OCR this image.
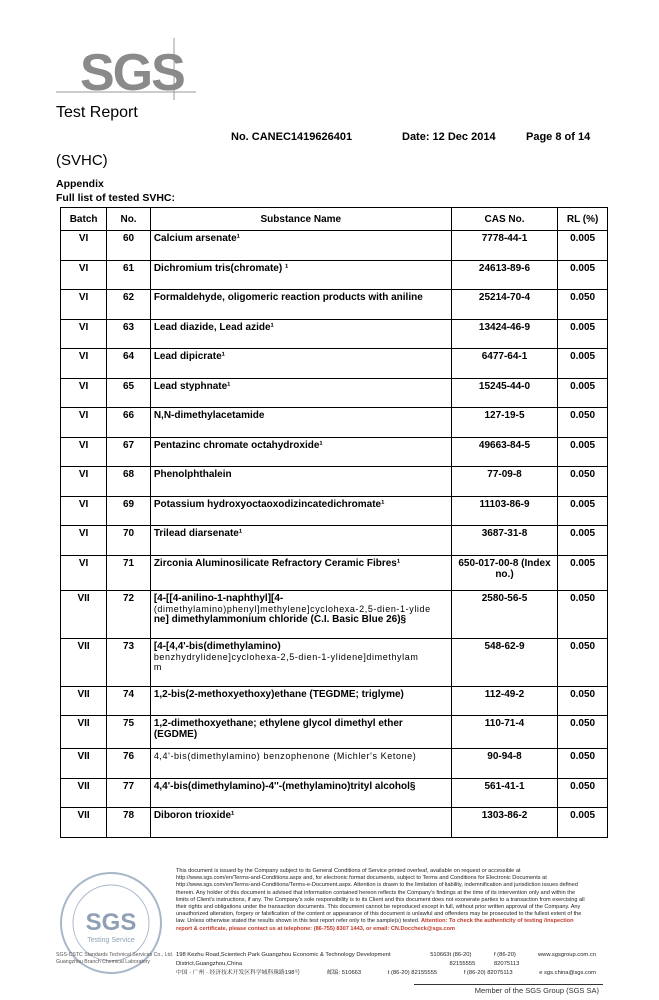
SGS
Test Report
No. CANEC1419626401	Date: 12 Dec 2014	Page 8 of 14
(SVHC)
Appendix
Full list of tested SVHC:
Batch	No.	Substance Name	CAS No.	RL (%)
VI	60	Calcium arsenate¹	7778-44-1	0.005
VI	61	Dichromium tris(chromate) ¹	24613-89-6	0.005
VI	62	Formaldehyde, oligomeric reaction products with aniline	25214-70-4	0.050
VI	63	Lead diazide, Lead azide¹	13424-46-9	0.005
VI	64	Lead dipicrate¹	6477-64-1	0.005
VI	65	Lead styphnate¹	15245-44-0	0.005
VI	66	N,N-dimethylacetamide	127-19-5	0.050
VI	67	Pentazinc chromate octahydroxide¹	49663-84-5	0.005
VI	68	Phenolphthalein	77-09-8	0.050
VI	69	Potassium hydroxyoctaoxodizincatedichromate¹	11103-86-9	0.005
VI	70	Trilead diarsenate¹	3687-31-8	0.005
VI	71	Zirconia Aluminosilicate Refractory Ceramic Fibres¹	650-017-00-8 (Index no.)	0.005
VII	72	[4-[[4-anilino-1-naphthyl][4-
(dimethylamino)phenyl]methylene]cyclohexa-2,5-dien-1-ylide
ne] dimethylammonium chloride (C.I. Basic Blue 26)§	2580-56-5	0.050
VII	73	[4-[4,4'-bis(dimethylamino)
benzhydrylidene]cyclohexa-2,5-dien-1-ylidene]dimethylam
m	548-62-9	0.050
VII	74	1,2-bis(2-methoxyethoxy)ethane (TEGDME; triglyme)	112-49-2	0.050
VII	75	1,2-dimethoxyethane; ethylene glycol dimethyl ether
(EGDME)	110-71-4	0.050
VII	76	4,4'-bis(dimethylamino) benzophenone (Michler's Ketone)	90-94-8	0.050
VII	77	4,4'-bis(dimethylamino)-4''-(methylamino)trityl alcohol§	561-41-1	0.050
VII	78	Diboron trioxide¹	1303-86-2	0.005
SGS
Testing Service
This document is issued by the Company subject to its General Conditions of Service printed overleaf, available on request or accessible at http://www.sgs.com/en/Terms-and-Conditions.aspx and, for electronic format documents, subject to Terms and Conditions for Electronic Documents at http://www.sgs.com/en/Terms-and-Conditions/Terms-e-Document.aspx. Attention is drawn to the limitation of liability, indemnification and jurisdiction issues defined therein. Any holder of this document is advised that information contained hereon reflects the Company's findings at the time of its intervention only and within the limits of Client's instructions, if any. The Company's sole responsibility is to its Client and this document does not exonerate parties to a transaction from exercising all their rights and obligations under the transaction documents. This document cannot be reproduced except in full, without prior written approval of the Company. Any unauthorized alteration, forgery or falsification of the content or appearance of this document is unlawful and offenders may be prosecuted to the fullest extent of the law. Unless otherwise stated the results shown in this test report refer only to the sample(s) tested. Attention: To check the authenticity of testing /inspection report & certificate, please contact us at telephone: (86-755) 8307 1443, or email: CN.Doccheck@sgs.com
198 Kezhu Road,Scientech Park Guangzhou Economic & Technology Development District,Guangzhou,China
510663 t (86-20) 82155555
f (86-20) 82075113
www.sgsgroup.com.cn
中国 · 广州 · 经济技术开发区科学城科珠路198号	邮编: 510663	t (86-20) 82155555	f (86-20) 82075113	e sgs.china@sgs.com
SGS-CSTC Standards Technical Services Co., Ltd.
Guangzhou Branch Chemical Laboratory
Member of the SGS Group (SGS SA)
